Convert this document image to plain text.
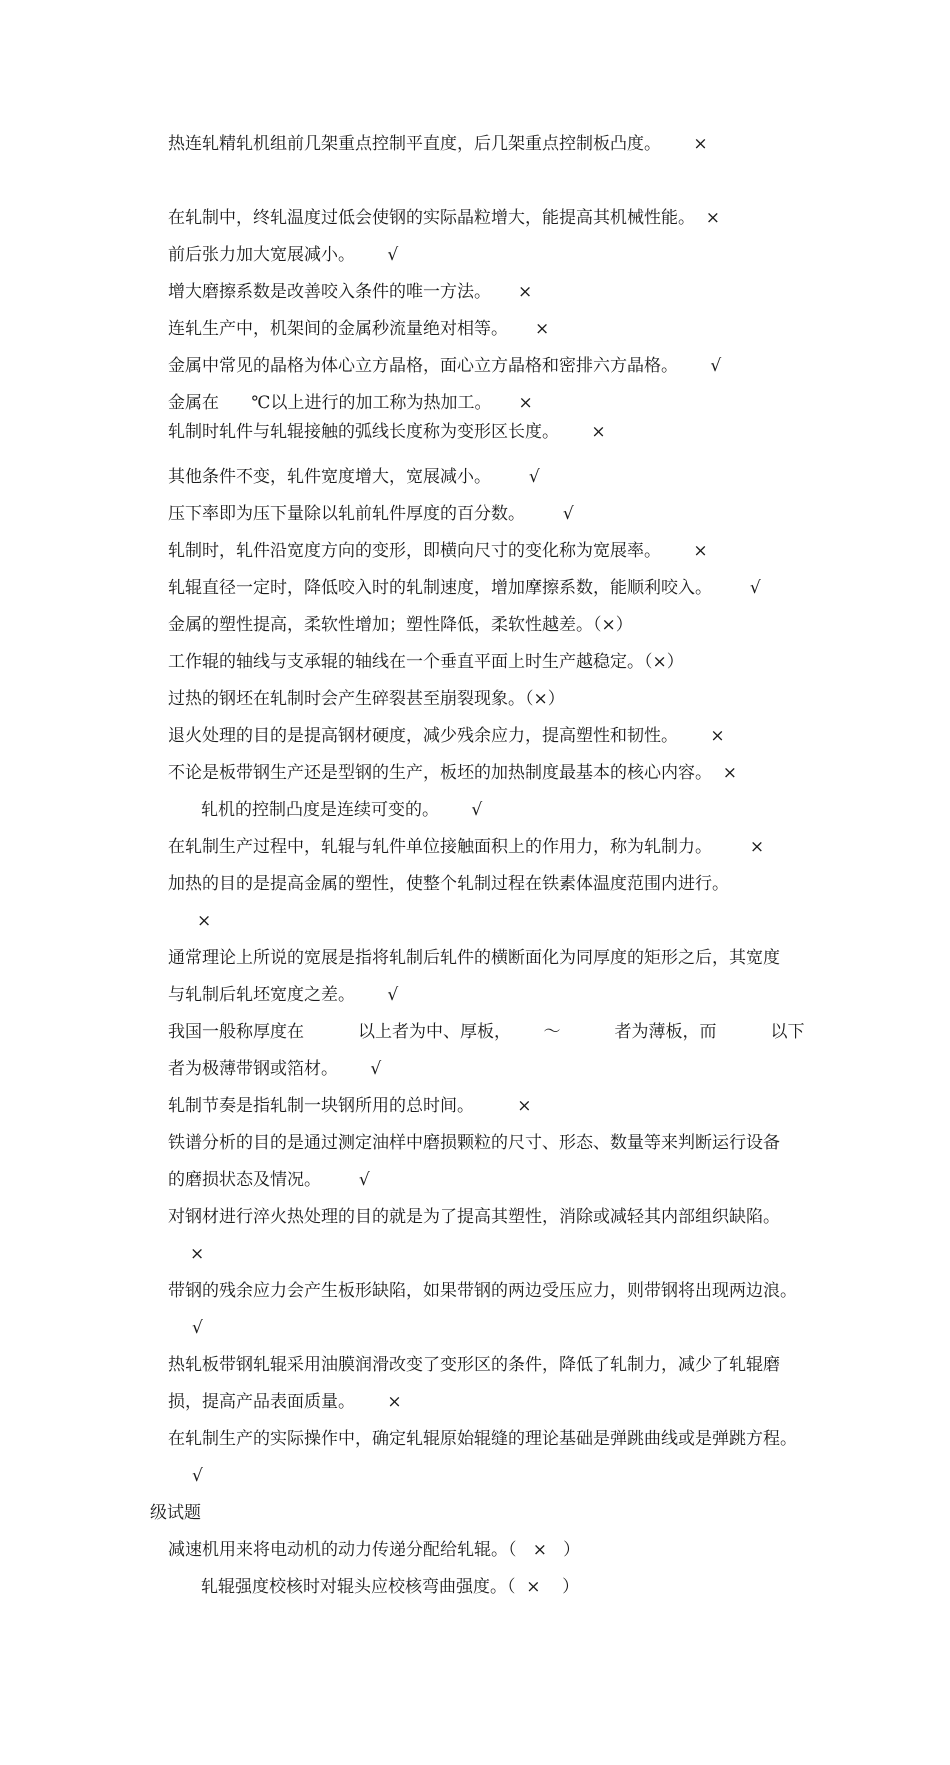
热连轧精轧机组前几架重点控制平直度，后几架重点控制板凸度。      ×

在轧制中，终轧温度过低会使钢的实际晶粒增大，能提高其机械性能。  ×

前后张力加大宽展减小。      √

增大磨擦系数是改善咬入条件的唯一方法。     ×

连轧生产中，机架间的金属秒流量绝对相等。     ×

金属中常见的晶格为体心立方晶格，面心立方晶格和密排六方晶格。      √

金属在      ℃以上进行的加工称为热加工。     ×

轧制时轧件与轧辊接触的弧线长度称为变形区长度。      ×

其他条件不变，轧件宽度增大，宽展减小。       √

压下率即为压下量除以轧前轧件厚度的百分数。       √

轧制时，轧件沿宽度方向的变形，即横向尺寸的变化称为宽展率。      ×

轧辊直径一定时，降低咬入时的轧制速度，增加摩擦系数，能顺利咬入。       √

金属的塑性提高，柔软性增加；塑性降低，柔软性越差。（×）

工作辊的轴线与支承辊的轴线在一个垂直平面上时生产越稳定。（×）

过热的钢坯在轧制时会产生碎裂甚至崩裂现象。（×）

退火处理的目的是提高钢材硬度，减少残余应力，提高塑性和韧性。      ×

不论是板带钢生产还是型钢的生产，板坯的加热制度最基本的核心内容。  ×

轧机的控制凸度是连续可变的。      √

在轧制生产过程中，轧辊与轧件单位接触面积上的作用力，称为轧制力。       ×

加热的目的是提高金属的塑性，使整个轧制过程在铁素体温度范围内进行。

×

通常理论上所说的宽展是指将轧制后轧件的横断面化为同厚度的矩形之后，其宽度

与轧制后轧坯宽度之差。      √

我国一般称厚度在          以上者为中、厚板，      ～          者为薄板，而          以下

者为极薄带钢或箔材。      √

轧制节奏是指轧制一块钢所用的总时间。        ×

铁谱分析的目的是通过测定油样中磨损颗粒的尺寸、形态、数量等来判断运行设备

的磨损状态及情况。       √

对钢材进行淬火热处理的目的就是为了提高其塑性，消除或减轻其内部组织缺陷。

×

带钢的残余应力会产生板形缺陷，如果带钢的两边受压应力，则带钢将出现两边浪。

√

热轧板带钢轧辊采用油膜润滑改变了变形区的条件，降低了轧制力，减少了轧辊磨

损，提高产品表面质量。      ×

在轧制生产的实际操作中，确定轧辊原始辊缝的理论基础是弹跳曲线或是弹跳方程。

√

级试题

减速机用来将电动机的动力传递分配给轧辊。（   ×   ）

轧辊强度校核时对辊头应校核弯曲强度。（  ×    ）
